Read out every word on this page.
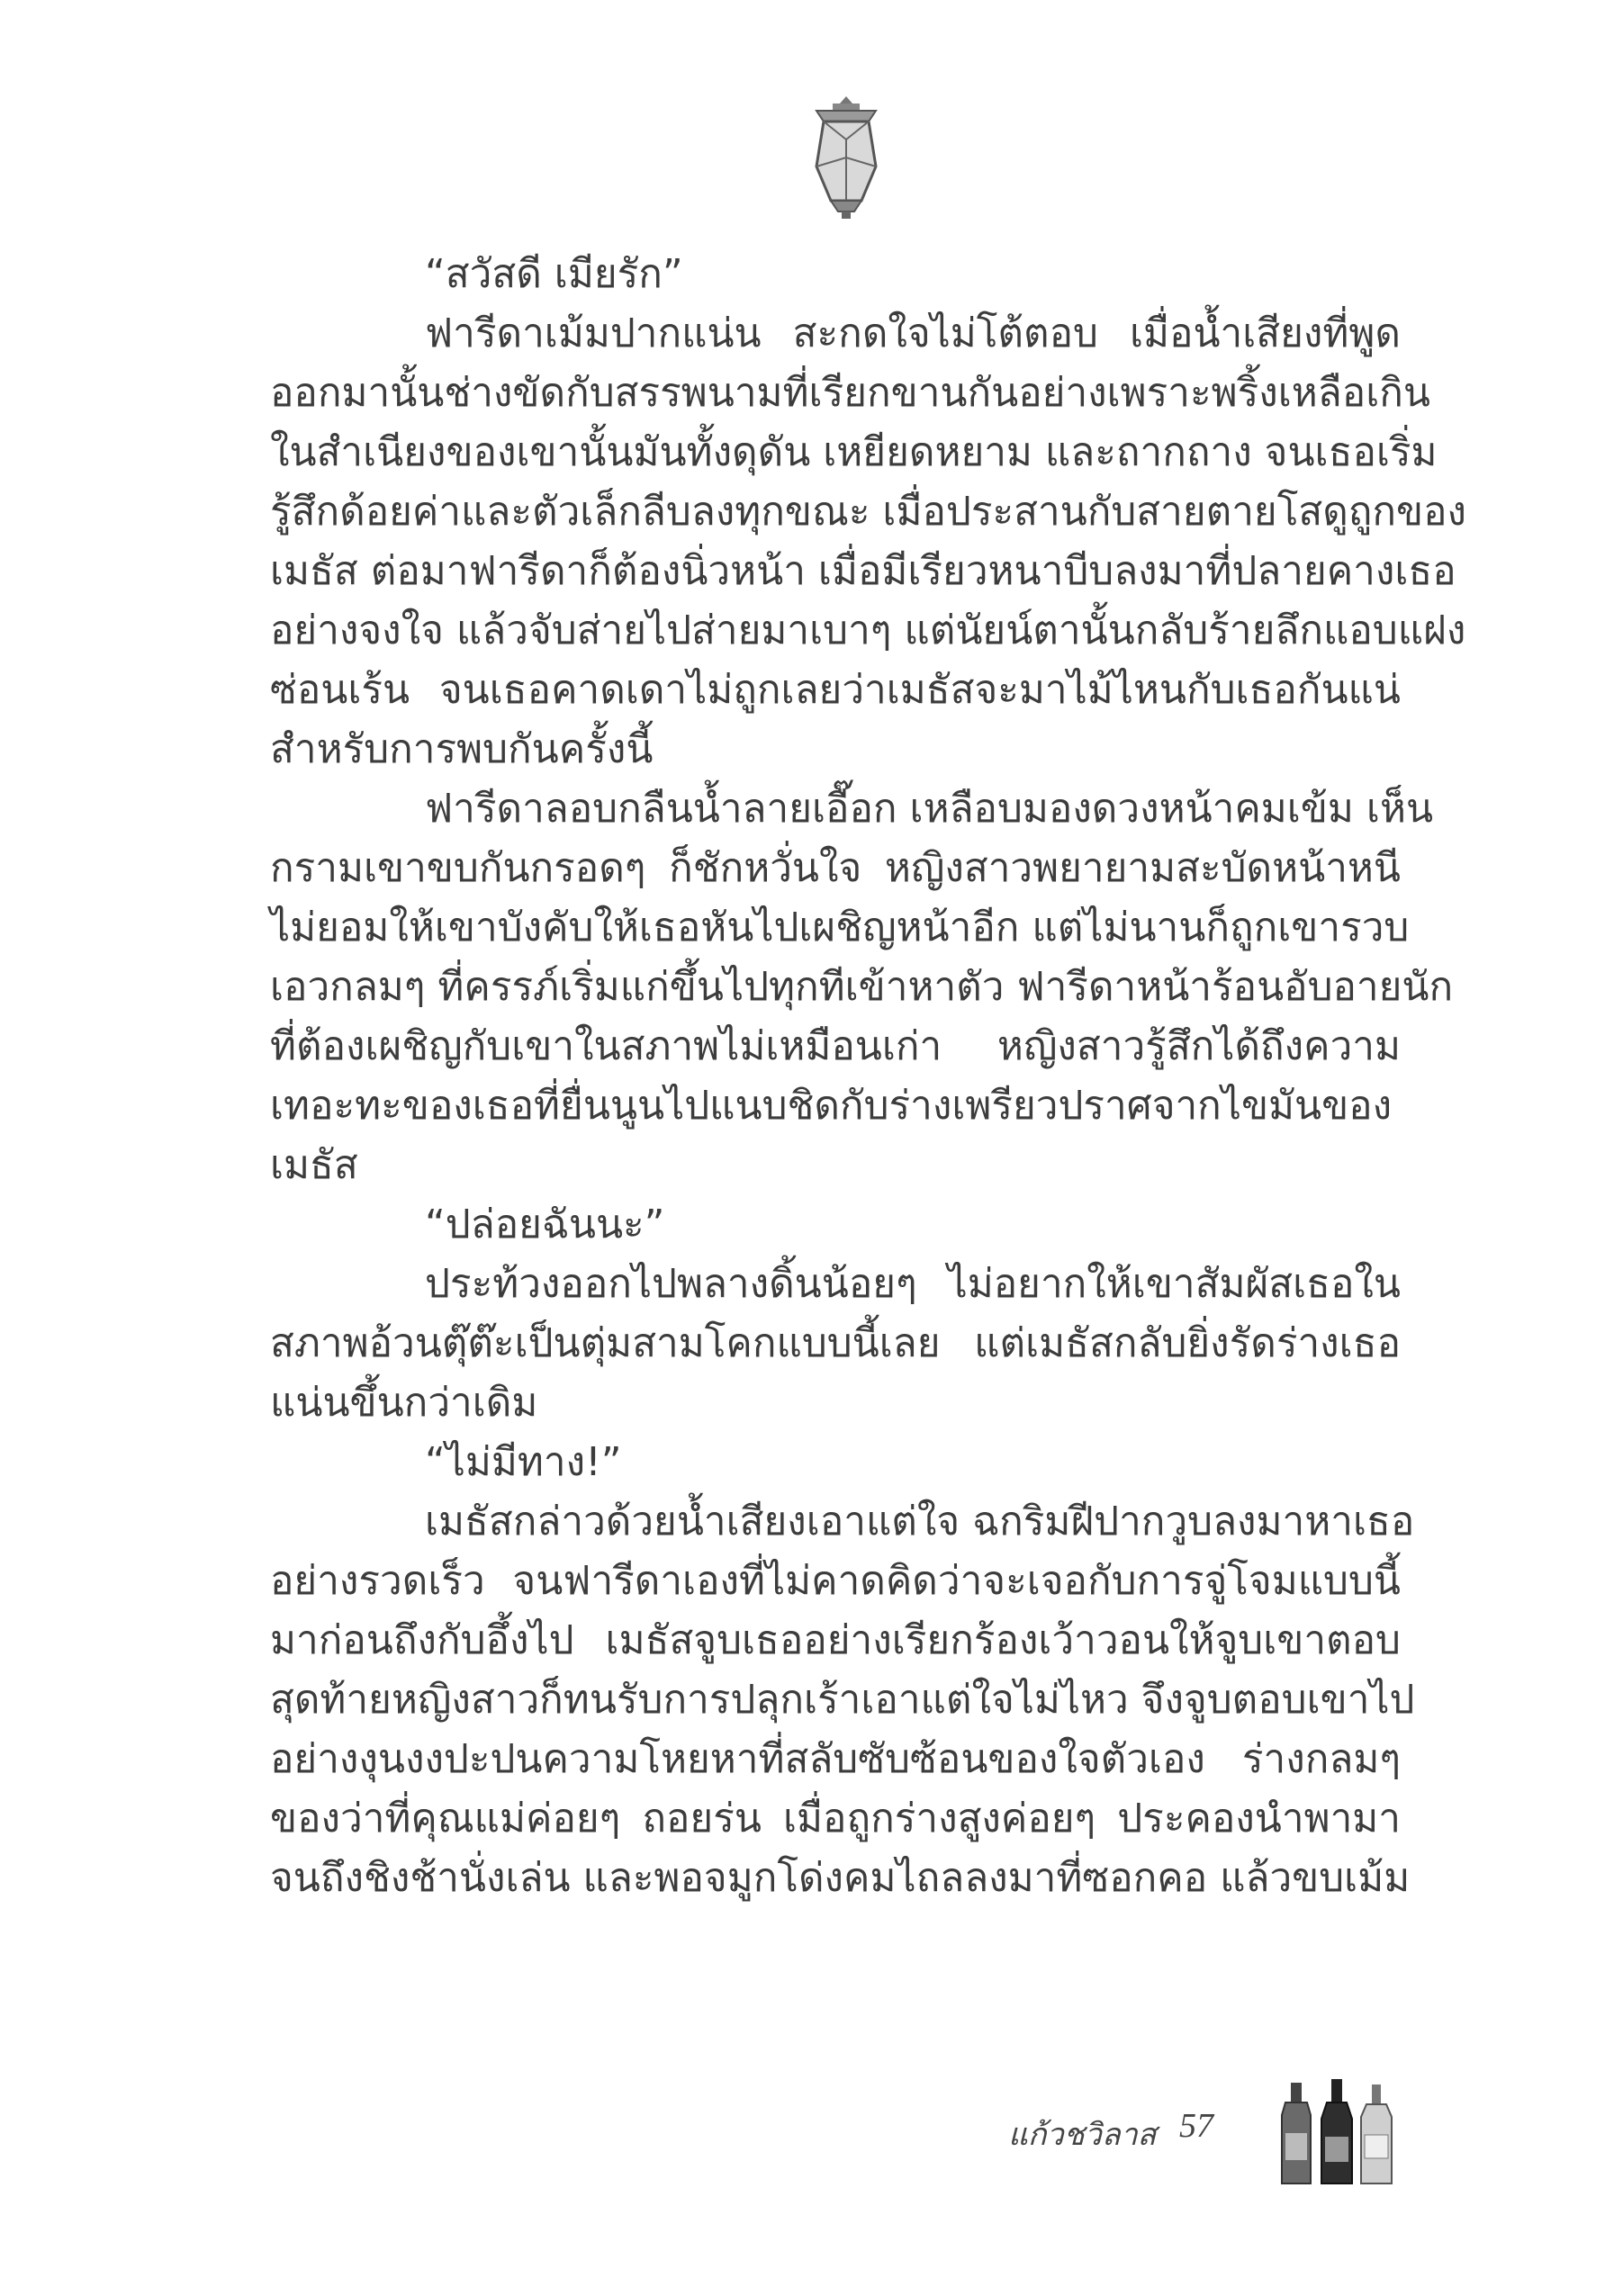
“สวัสดี เมียรัก”
ฟารีดาเม้มปากแน่น สะกดใจไม่โต้ตอบ เมื่อน้ำเสียงที่พูด
ออกมานั้นช่างขัดกับสรรพนามที่เรียกขานกันอย่างเพราะพริ้งเหลือเกิน
ในสำเนียงของเขานั้นมันทั้งดุดัน เหยียดหยาม และถากถาง จนเธอเริ่ม
รู้สึกด้อยค่าและตัวเล็กลีบลงทุกขณะ เมื่อประสานกับสายตายโสดูถูกของ
เมธัส ต่อมาฟารีดาก็ต้องนิ่วหน้า เมื่อมีเรียวหนาบีบลงมาที่ปลายคางเธอ
อย่างจงใจ แล้วจับส่ายไปส่ายมาเบาๆ แต่นัยน์ตานั้นกลับร้ายลึกแอบแฝง
ซ่อนเร้น จนเธอคาดเดาไม่ถูกเลยว่าเมธัสจะมาไม้ไหนกับเธอกันแน่
สำหรับการพบกันครั้งนี้
ฟารีดาลอบกลืนน้ำลายเอื๊อก เหลือบมองดวงหน้าคมเข้ม เห็น
กรามเขาขบกันกรอดๆ ก็ชักหวั่นใจ หญิงสาวพยายามสะบัดหน้าหนี
ไม่ยอมให้เขาบังคับให้เธอหันไปเผชิญหน้าอีก แต่ไม่นานก็ถูกเขารวบ
เอวกลมๆ ที่ครรภ์เริ่มแก่ขึ้นไปทุกทีเข้าหาตัว ฟารีดาหน้าร้อนอับอายนัก
ที่ต้องเผชิญกับเขาในสภาพไม่เหมือนเก่า หญิงสาวรู้สึกได้ถึงความ
เทอะทะของเธอที่ยื่นนูนไปแนบชิดกับร่างเพรียวปราศจากไขมันของ
เมธัส
“ปล่อยฉันนะ”
ประท้วงออกไปพลางดิ้นน้อยๆ ไม่อยากให้เขาสัมผัสเธอใน
สภาพอ้วนตุ๊ต๊ะเป็นตุ่มสามโคกแบบนี้เลย แต่เมธัสกลับยิ่งรัดร่างเธอ
แน่นขึ้นกว่าเดิม
“ไม่มีทาง!”
เมธัสกล่าวด้วยน้ำเสียงเอาแต่ใจ ฉกริมฝีปากวูบลงมาหาเธอ
อย่างรวดเร็ว จนฟารีดาเองที่ไม่คาดคิดว่าจะเจอกับการจู่โจมแบบนี้
มาก่อนถึงกับอึ้งไป เมธัสจูบเธออย่างเรียกร้องเว้าวอนให้จูบเขาตอบ
สุดท้ายหญิงสาวก็ทนรับการปลุกเร้าเอาแต่ใจไม่ไหว จึงจูบตอบเขาไป
อย่างงุนงงปะปนความโหยหาที่สลับซับซ้อนของใจตัวเอง ร่างกลมๆ
ของว่าที่คุณแม่ค่อยๆ ถอยร่น เมื่อถูกร่างสูงค่อยๆ ประคองนำพามา
จนถึงชิงช้านั่งเล่น และพอจมูกโด่งคมไถลลงมาที่ซอกคอ แล้วขบเม้ม
แก้วชวิลาส 57
